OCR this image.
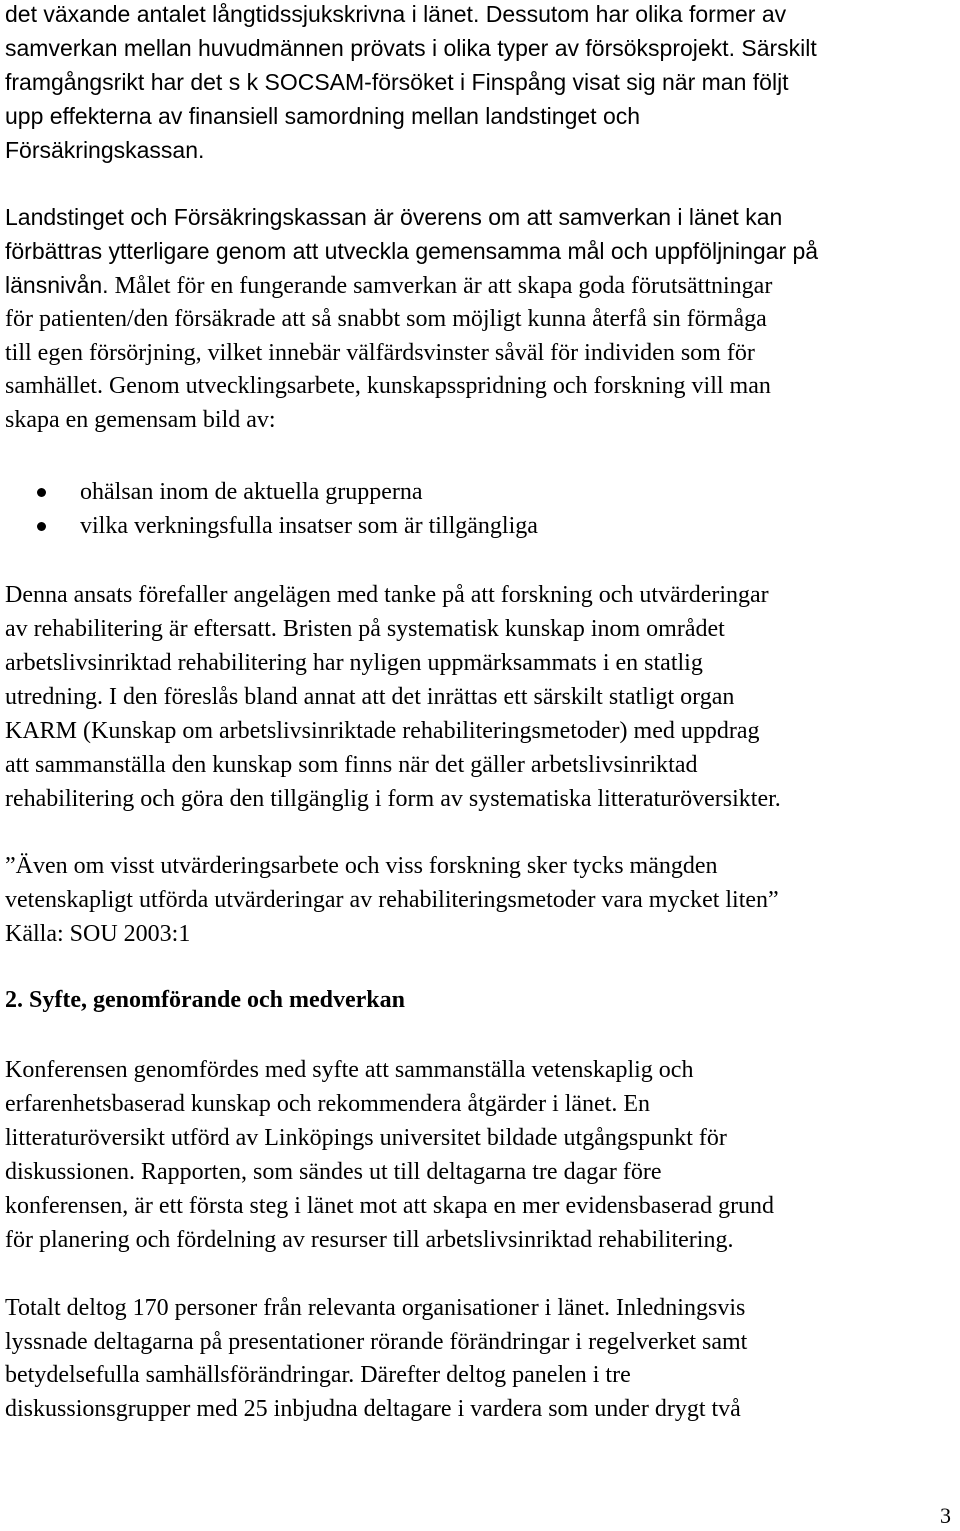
det växande antalet långtidssjukskrivna i länet. Dessutom har olika former av
samverkan mellan huvudmännen prövats i olika typer av försöksprojekt. Särskilt
framgångsrikt har det s k SOCSAM-försöket i Finspång visat sig när man följt
upp effekterna av finansiell samordning mellan landstinget och
Försäkringskassan.
Landstinget och Försäkringskassan är överens om att samverkan i länet kan
förbättras ytterligare genom att utveckla gemensamma mål och uppföljningar på
länsnivån. Målet för en fungerande samverkan är att skapa goda förutsättningar
för patienten/den försäkrade att så snabbt som möjligt kunna återfå sin förmåga
till egen försörjning, vilket innebär välfärdsvinster såväl för individen som för
samhället. Genom utvecklingsarbete, kunskapsspridning och forskning vill man
skapa en gemensam bild av:
ohälsan inom de aktuella grupperna
vilka verkningsfulla insatser som är tillgängliga
Denna ansats förefaller angelägen med tanke på att forskning och utvärderingar
av rehabilitering är eftersatt. Bristen på systematisk kunskap inom området
arbetslivsinriktad rehabilitering har nyligen uppmärksammats i en statlig
utredning. I den föreslås bland annat att det inrättas ett särskilt statligt organ
KARM (Kunskap om arbetslivsinriktade rehabiliteringsmetoder) med uppdrag
att sammanställa den kunskap som finns när det gäller arbetslivsinriktad
rehabilitering och göra den tillgänglig i form av systematiska litteraturöversikter.
”Även om visst utvärderingsarbete och viss forskning sker tycks mängden
vetenskapligt utförda utvärderingar av rehabiliteringsmetoder vara mycket liten”
Källa: SOU 2003:1
2. Syfte, genomförande och medverkan
Konferensen genomfördes med syfte att sammanställa vetenskaplig och
erfarenhetsbaserad kunskap och rekommendera åtgärder i länet. En
litteraturöversikt utförd av Linköpings universitet bildade utgångspunkt för
diskussionen. Rapporten, som sändes ut till deltagarna tre dagar före
konferensen, är ett första steg i länet mot att skapa en mer evidensbaserad grund
för planering och fördelning av resurser till arbetslivsinriktad rehabilitering.
Totalt deltog 170 personer från relevanta organisationer i länet. Inledningsvis
lyssnade deltagarna på presentationer rörande förändringar i regelverket samt
betydelsefulla samhällsförändringar. Därefter deltog panelen i tre
diskussionsgrupper med 25 inbjudna deltagare i vardera som under drygt två
3
